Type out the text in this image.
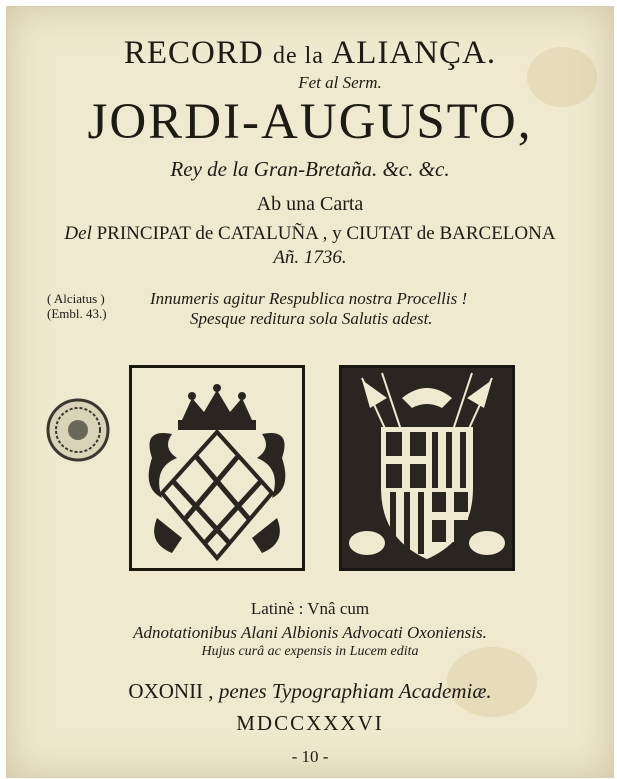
RECORD de la ALIANÇA.
Fet al Serm.
JORDI-AUGUSTO,
Rey de la Gran-Bretaña. &c. &c.
Ab una Carta
Del PRINCIPAT de CATALUÑA , y CIUTAT de BARCELONA
Añ. 1736.
( Alciatus )
(Embl. 43.)
Innumeris agitur Respublica nostra Procellis !
Spesque reditura sola Salutis adest.
Latinè : Vnâ cum
Adnotationibus Alani Albionis Advocati Oxoniensis.
Hujus curâ ac expensis in Lucem edita
OXONII , penes Typographiam Academiæ.
MDCCXXXVI
- 10 -
